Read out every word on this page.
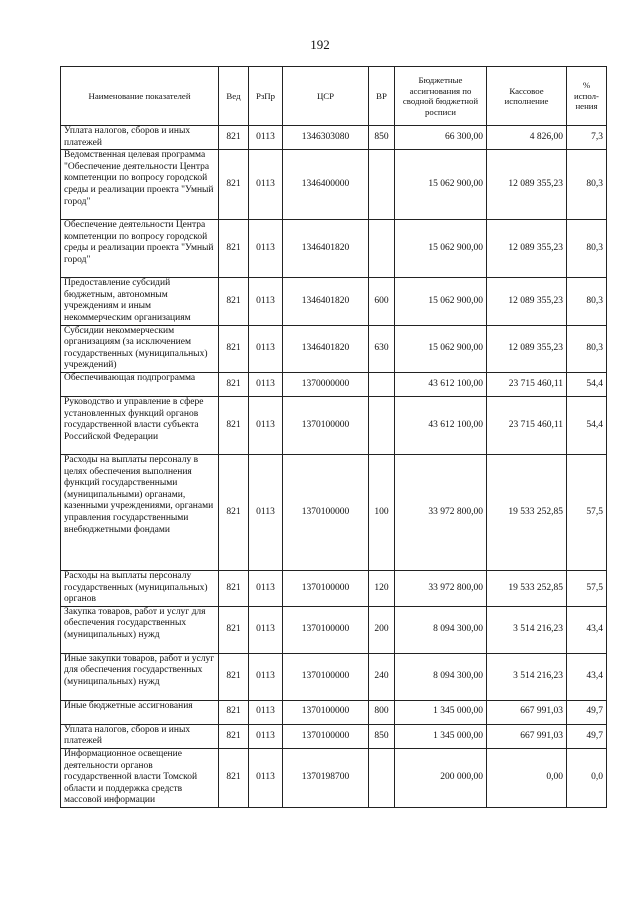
192
Наименование показателей	Вед	РзПр	ЦСР	ВР	Бюджетные ассигнования по сводной бюджетной росписи	Кассовое исполнение	% испол-нения
Уплата налогов, сборов и иных платежей	821	0113	1346303080	850	66 300,00	4 826,00	7,3
Ведомственная целевая программа "Обеспечение деятельности Центра компетенции по вопросу городской среды и реализации проекта "Умный город"	821	0113	1346400000		15 062 900,00	12 089 355,23	80,3
Обеспечение деятельности Центра компетенции по вопросу городской среды и реализации проекта "Умный город"	821	0113	1346401820		15 062 900,00	12 089 355,23	80,3
Предоставление субсидий бюджетным, автономным учреждениям и иным некоммерческим организациям	821	0113	1346401820	600	15 062 900,00	12 089 355,23	80,3
Субсидии некоммерческим организациям (за исключением государственных (муниципальных) учреждений)	821	0113	1346401820	630	15 062 900,00	12 089 355,23	80,3
Обеспечивающая подпрограмма	821	0113	1370000000		43 612 100,00	23 715 460,11	54,4
Руководство и управление в сфере установленных функций органов государственной власти субъекта Российской Федерации	821	0113	1370100000		43 612 100,00	23 715 460,11	54,4
Расходы на выплаты персоналу в целях обеспечения выполнения функций государственными (муниципальными) органами, казенными учреждениями, органами управления государственными внебюджетными фондами	821	0113	1370100000	100	33 972 800,00	19 533 252,85	57,5
Расходы на выплаты персоналу государственных (муниципальных) органов	821	0113	1370100000	120	33 972 800,00	19 533 252,85	57,5
Закупка товаров, работ и услуг для обеспечения государственных (муниципальных) нужд	821	0113	1370100000	200	8 094 300,00	3 514 216,23	43,4
Иные закупки товаров, работ и услуг для обеспечения государственных (муниципальных) нужд	821	0113	1370100000	240	8 094 300,00	3 514 216,23	43,4
Иные бюджетные ассигнования	821	0113	1370100000	800	1 345 000,00	667 991,03	49,7
Уплата налогов, сборов и иных платежей	821	0113	1370100000	850	1 345 000,00	667 991,03	49,7
Информационное освещение деятельности органов государственной власти Томской области и поддержка средств массовой информации	821	0113	1370198700		200 000,00	0,00	0,0
